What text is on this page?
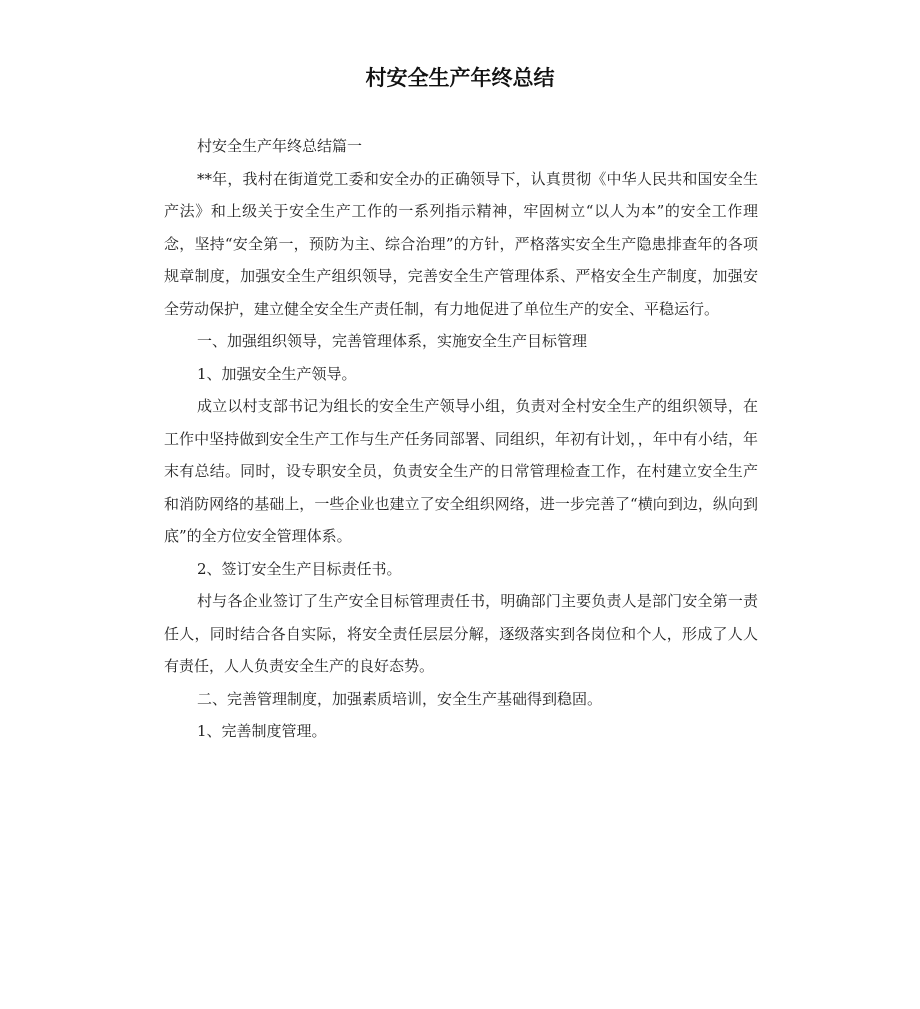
村安全生产年终总结

村安全生产年终总结篇一

**年，我村在街道党工委和安全办的正确领导下，认真贯彻《中华人民共和国安全生产法》和上级关于安全生产工作的一系列指示精神，牢固树立“以人为本”的安全工作理念，坚持“安全第一，预防为主、综合治理”的方针，严格落实安全生产隐患排查年的各项规章制度，加强安全生产组织领导，完善安全生产管理体系、严格安全生产制度，加强安全劳动保护，建立健全安全生产责任制，有力地促进了单位生产的安全、平稳运行。

一、加强组织领导，完善管理体系，实施安全生产目标管理

1、加强安全生产领导。

成立以村支部书记为组长的安全生产领导小组，负责对全村安全生产的组织领导，在工作中坚持做到安全生产工作与生产任务同部署、同组织，年初有计划，，年中有小结，年末有总结。同时，设专职安全员，负责安全生产的日常管理检查工作，在村建立安全生产和消防网络的基础上，一些企业也建立了安全组织网络，进一步完善了“横向到边，纵向到底”的全方位安全管理体系。

2、签订安全生产目标责任书。

村与各企业签订了生产安全目标管理责任书，明确部门主要负责人是部门安全第一责任人，同时结合各自实际，将安全责任层层分解，逐级落实到各岗位和个人，形成了人人有责任，人人负责安全生产的良好态势。

二、完善管理制度，加强素质培训，安全生产基础得到稳固。

1、完善制度管理。
